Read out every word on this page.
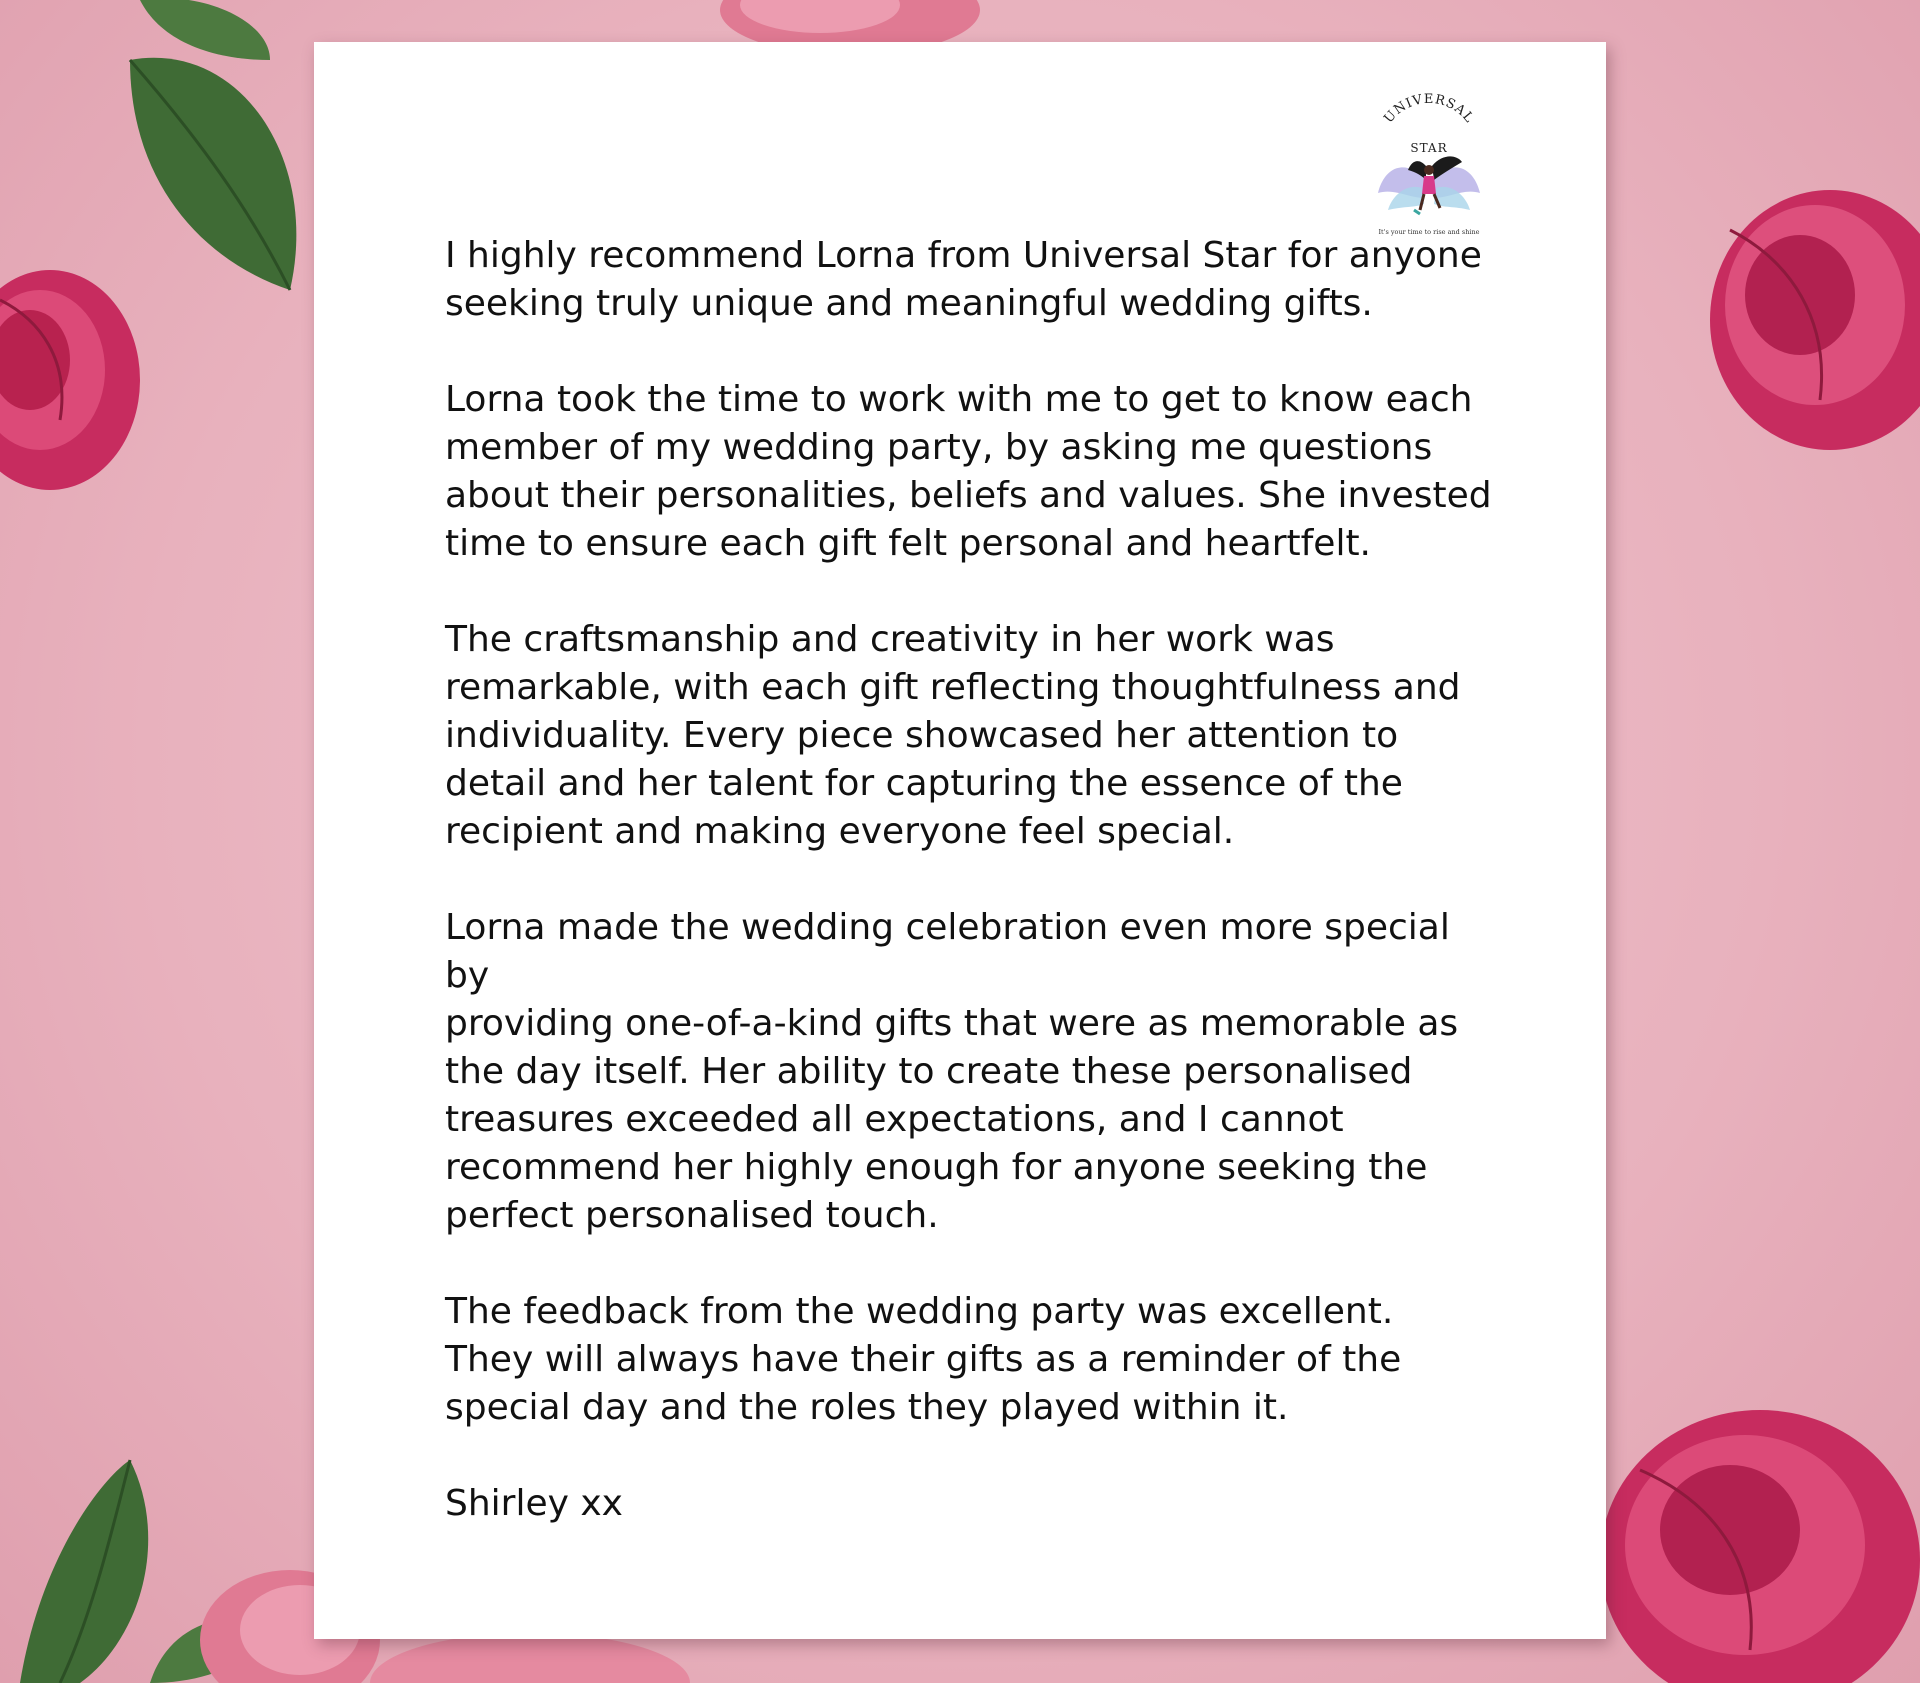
UNIVERSAL
STAR
It's your time to rise and shine

I highly recommend Lorna from Universal Star for anyone
seeking truly unique and meaningful wedding gifts.

Lorna took the time to work with me to get to know each
member of my wedding party, by asking me questions
about their personalities, beliefs and values. She invested
time to ensure each gift felt personal and heartfelt.

The craftsmanship and creativity in her work was
remarkable, with each gift reflecting thoughtfulness and
individuality. Every piece showcased her attention to
detail and her talent for capturing the essence of the
recipient and making everyone feel special.

Lorna made the wedding celebration even more special by
providing one-of-a-kind gifts that were as memorable as
the day itself. Her ability to create these personalised
treasures exceeded all expectations, and I cannot
recommend her highly enough for anyone seeking the
perfect personalised touch.

The feedback from the wedding party was excellent.
They will always have their gifts as a reminder of the
special day and the roles they played within it.

Shirley xx
